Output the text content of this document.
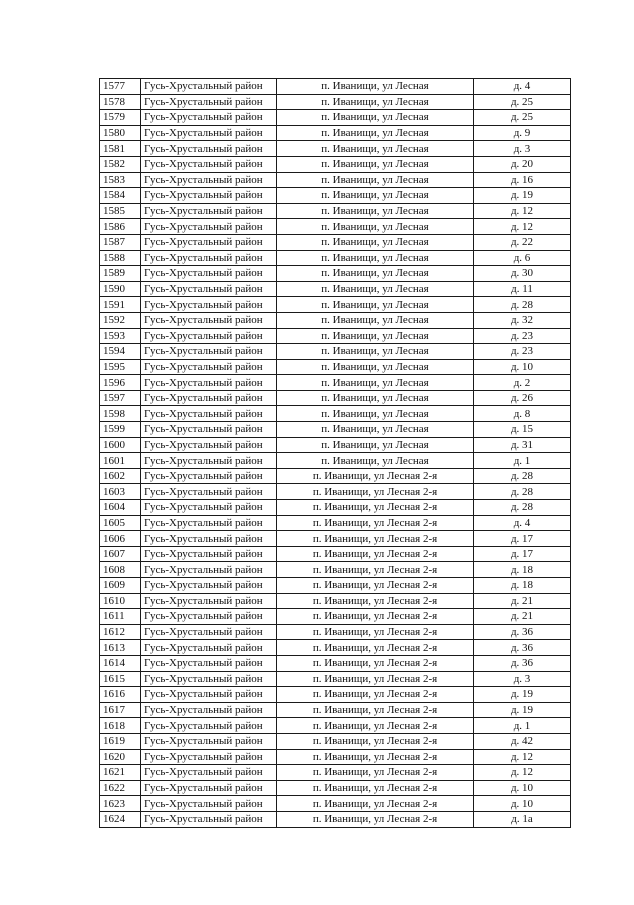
1577	Гусь-Хрустальный район	п. Иванищи, ул Лесная	д. 4
1578	Гусь-Хрустальный район	п. Иванищи, ул Лесная	д. 25
1579	Гусь-Хрустальный район	п. Иванищи, ул Лесная	д. 25
1580	Гусь-Хрустальный район	п. Иванищи, ул Лесная	д. 9
1581	Гусь-Хрустальный район	п. Иванищи, ул Лесная	д. 3
1582	Гусь-Хрустальный район	п. Иванищи, ул Лесная	д. 20
1583	Гусь-Хрустальный район	п. Иванищи, ул Лесная	д. 16
1584	Гусь-Хрустальный район	п. Иванищи, ул Лесная	д. 19
1585	Гусь-Хрустальный район	п. Иванищи, ул Лесная	д. 12
1586	Гусь-Хрустальный район	п. Иванищи, ул Лесная	д. 12
1587	Гусь-Хрустальный район	п. Иванищи, ул Лесная	д. 22
1588	Гусь-Хрустальный район	п. Иванищи, ул Лесная	д. 6
1589	Гусь-Хрустальный район	п. Иванищи, ул Лесная	д. 30
1590	Гусь-Хрустальный район	п. Иванищи, ул Лесная	д. 11
1591	Гусь-Хрустальный район	п. Иванищи, ул Лесная	д. 28
1592	Гусь-Хрустальный район	п. Иванищи, ул Лесная	д. 32
1593	Гусь-Хрустальный район	п. Иванищи, ул Лесная	д. 23
1594	Гусь-Хрустальный район	п. Иванищи, ул Лесная	д. 23
1595	Гусь-Хрустальный район	п. Иванищи, ул Лесная	д. 10
1596	Гусь-Хрустальный район	п. Иванищи, ул Лесная	д. 2
1597	Гусь-Хрустальный район	п. Иванищи, ул Лесная	д. 26
1598	Гусь-Хрустальный район	п. Иванищи, ул Лесная	д. 8
1599	Гусь-Хрустальный район	п. Иванищи, ул Лесная	д. 15
1600	Гусь-Хрустальный район	п. Иванищи, ул Лесная	д. 31
1601	Гусь-Хрустальный район	п. Иванищи, ул Лесная	д. 1
1602	Гусь-Хрустальный район	п. Иванищи, ул Лесная 2-я	д. 28
1603	Гусь-Хрустальный район	п. Иванищи, ул Лесная 2-я	д. 28
1604	Гусь-Хрустальный район	п. Иванищи, ул Лесная 2-я	д. 28
1605	Гусь-Хрустальный район	п. Иванищи, ул Лесная 2-я	д. 4
1606	Гусь-Хрустальный район	п. Иванищи, ул Лесная 2-я	д. 17
1607	Гусь-Хрустальный район	п. Иванищи, ул Лесная 2-я	д. 17
1608	Гусь-Хрустальный район	п. Иванищи, ул Лесная 2-я	д. 18
1609	Гусь-Хрустальный район	п. Иванищи, ул Лесная 2-я	д. 18
1610	Гусь-Хрустальный район	п. Иванищи, ул Лесная 2-я	д. 21
1611	Гусь-Хрустальный район	п. Иванищи, ул Лесная 2-я	д. 21
1612	Гусь-Хрустальный район	п. Иванищи, ул Лесная 2-я	д. 36
1613	Гусь-Хрустальный район	п. Иванищи, ул Лесная 2-я	д. 36
1614	Гусь-Хрустальный район	п. Иванищи, ул Лесная 2-я	д. 36
1615	Гусь-Хрустальный район	п. Иванищи, ул Лесная 2-я	д. 3
1616	Гусь-Хрустальный район	п. Иванищи, ул Лесная 2-я	д. 19
1617	Гусь-Хрустальный район	п. Иванищи, ул Лесная 2-я	д. 19
1618	Гусь-Хрустальный район	п. Иванищи, ул Лесная 2-я	д. 1
1619	Гусь-Хрустальный район	п. Иванищи, ул Лесная 2-я	д. 42
1620	Гусь-Хрустальный район	п. Иванищи, ул Лесная 2-я	д. 12
1621	Гусь-Хрустальный район	п. Иванищи, ул Лесная 2-я	д. 12
1622	Гусь-Хрустальный район	п. Иванищи, ул Лесная 2-я	д. 10
1623	Гусь-Хрустальный район	п. Иванищи, ул Лесная 2-я	д. 10
1624	Гусь-Хрустальный район	п. Иванищи, ул Лесная 2-я	д. 1а
